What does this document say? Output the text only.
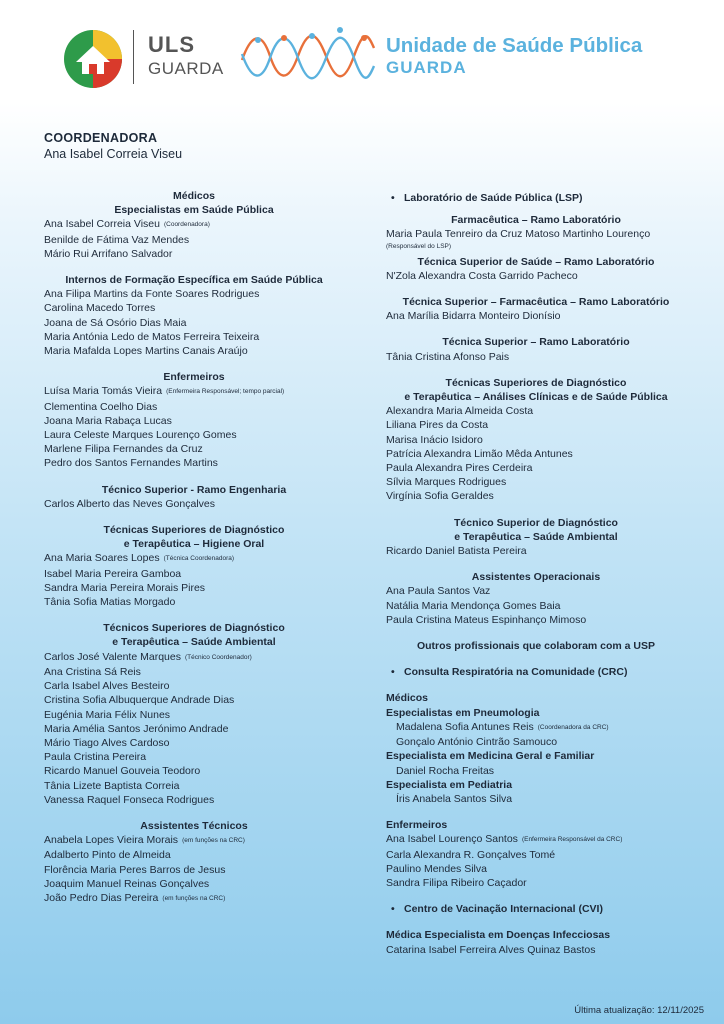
ULS
GUARDA
Unidade de Saúde Pública
GUARDA
COORDENADORA
Ana Isabel Correia Viseu
Médicos
Especialistas em Saúde Pública
Ana Isabel Correia Viseu (Coordenadora)
Benilde de Fátima Vaz Mendes
Mário Rui Arrifano Salvador
Internos de Formação Específica em Saúde Pública
Ana Filipa Martins da Fonte Soares Rodrigues
Carolina Macedo Torres
Joana de Sá Osório Dias Maia
Maria Antónia Ledo de Matos Ferreira Teixeira
Maria Mafalda Lopes Martins Canais Araújo
Enfermeiros
Luísa Maria Tomás Vieira (Enfermeira Responsável; tempo parcial)
Clementina Coelho Dias
Joana Maria Rabaça Lucas
Laura Celeste Marques Lourenço Gomes
Marlene Filipa Fernandes da Cruz
Pedro dos Santos Fernandes Martins
Técnico Superior - Ramo Engenharia
Carlos Alberto das Neves Gonçalves
Técnicas Superiores de Diagnóstico
e Terapêutica – Higiene Oral
Ana Maria Soares Lopes (Técnica Coordenadora)
Isabel Maria Pereira Gamboa
Sandra Maria Pereira Morais Pires
Tânia Sofia Matias Morgado
Técnicos Superiores de Diagnóstico
e Terapêutica – Saúde Ambiental
Carlos José Valente Marques (Técnico Coordenador)
Ana Cristina Sá Reis
Carla Isabel Alves Besteiro
Cristina Sofia Albuquerque Andrade Dias
Eugénia Maria Félix Nunes
Maria Amélia Santos Jerónimo Andrade
Mário Tiago Alves Cardoso
Paula Cristina Pereira
Ricardo Manuel Gouveia Teodoro
Tânia Lizete Baptista Correia
Vanessa Raquel Fonseca Rodrigues
Assistentes Técnicos
Anabela Lopes Vieira Morais (em funções na CRC)
Adalberto Pinto de Almeida
Florência Maria Peres Barros de Jesus
Joaquim Manuel Reinas Gonçalves
João Pedro Dias Pereira (em funções na CRC)
• Laboratório de Saúde Pública (LSP)
Farmacêutica – Ramo Laboratório
Maria Paula Tenreiro da Cruz Matoso Martinho Lourenço
(Responsável do LSP)
Técnica Superior de Saúde – Ramo Laboratório
N'Zola Alexandra Costa Garrido Pacheco
Técnica Superior – Farmacêutica – Ramo Laboratório
Ana Marília Bidarra Monteiro Dionísio
Técnica Superior – Ramo Laboratório
Tânia Cristina Afonso Pais
Técnicas Superiores de Diagnóstico
e Terapêutica – Análises Clínicas e de Saúde Pública
Alexandra Maria Almeida Costa
Liliana Pires da Costa
Marisa Inácio Isidoro
Patrícia Alexandra Limão Mêda Antunes
Paula Alexandra Pires Cerdeira
Sílvia Marques Rodrigues
Virgínia Sofia Geraldes
Técnico Superior de Diagnóstico
e Terapêutica – Saúde Ambiental
Ricardo Daniel Batista Pereira
Assistentes Operacionais
Ana Paula Santos Vaz
Natália Maria Mendonça Gomes Baia
Paula Cristina Mateus Espinhanço Mimoso
Outros profissionais que colaboram com a USP
• Consulta Respiratória na Comunidade (CRC)
Médicos
Especialistas em Pneumologia
Madalena Sofia Antunes Reis (Coordenadora da CRC)
Gonçalo António Cintrão Samouco
Especialista em Medicina Geral e Familiar
Daniel Rocha Freitas
Especialista em Pediatria
Íris Anabela Santos Silva
Enfermeiros
Ana Isabel Lourenço Santos (Enfermeira Responsável da CRC)
Carla Alexandra R. Gonçalves Tomé
Paulino Mendes Silva
Sandra Filipa Ribeiro Caçador
• Centro de Vacinação Internacional (CVI)
Médica Especialista em Doenças Infecciosas
Catarina Isabel Ferreira Alves Quinaz Bastos
Última atualização: 12/11/2025
